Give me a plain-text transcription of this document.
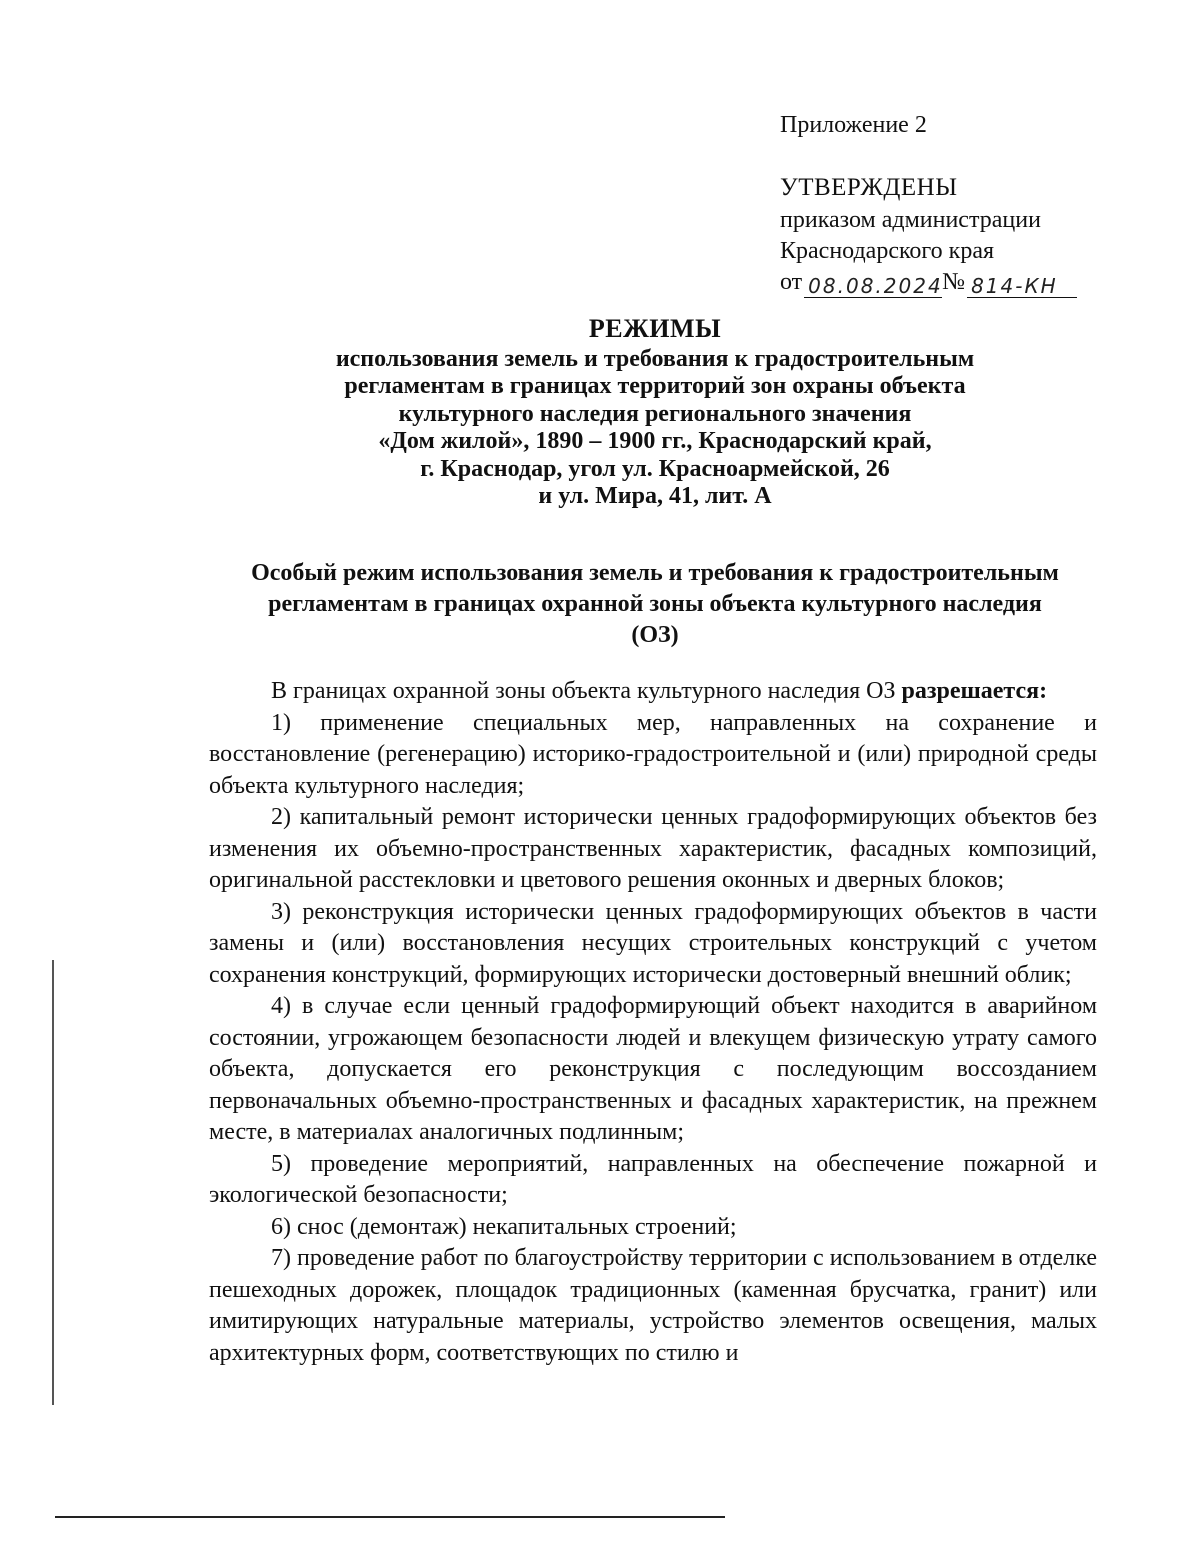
Приложение 2
УТВЕРЖДЕНЫ
приказом администрации
Краснодарского края
от 08.08.2024 № 814-КН
РЕЖИМЫ
использования земель и требования к градостроительным
регламентам в границах территорий зон охраны объекта
культурного наследия регионального значения
«Дом жилой», 1890 – 1900 гг., Краснодарский край,
г. Краснодар, угол ул. Красноармейской, 26
и ул. Мира, 41, лит. А
Особый режим использования земель и требования к градостроительным
регламентам в границах охранной зоны объекта культурного наследия
(ОЗ)

В границах охранной зоны объекта культурного наследия ОЗ разрешается:

1) применение специальных мер, направленных на сохранение и восстановление (регенерацию) историко-градостроительной и (или) природной среды объекта культурного наследия;

2) капитальный ремонт исторически ценных градоформирующих объектов без изменения их объемно-пространственных характеристик, фасадных композиций, оригинальной расстекловки и цветового решения оконных и дверных блоков;

3) реконструкция исторически ценных градоформирующих объектов в части замены и (или) восстановления несущих строительных конструкций с учетом сохранения конструкций, формирующих исторически достоверный внешний облик;

4) в случае если ценный градоформирующий объект находится в аварийном состоянии, угрожающем безопасности людей и влекущем физическую утрату самого объекта, допускается его реконструкция с последующим воссозданием первоначальных объемно-пространственных и фасадных характеристик, на прежнем месте, в материалах аналогичных подлинным;

5) проведение мероприятий, направленных на обеспечение пожарной и экологической безопасности;

6) снос (демонтаж) некапитальных строений;

7) проведение работ по благоустройству территории с использованием в отделке пешеходных дорожек, площадок традиционных (каменная брусчатка, гранит) или имитирующих натуральные материалы, устройство элементов освещения, малых архитектурных форм, соответствующих по стилю и
